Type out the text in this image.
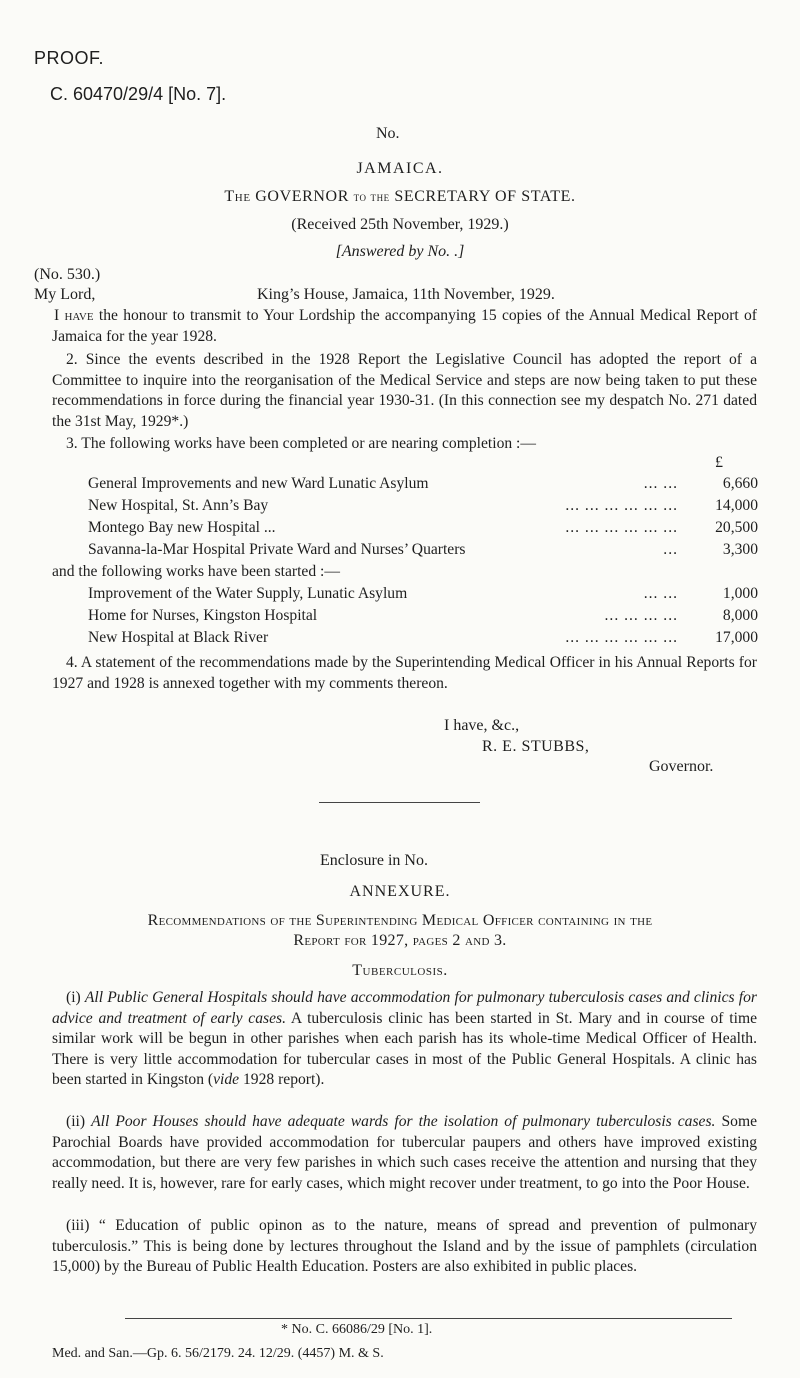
PROOF.
C. 60470/29/4 [No. 7].
No.
JAMAICA.
The GOVERNOR to the SECRETARY OF STATE.
(Received 25th November, 1929.)
[Answered by No. .]
(No. 530.)
My Lord,	King’s House, Jamaica, 11th November, 1929.

I have the honour to transmit to Your Lordship the accompanying 15 copies of the Annual Medical Report of Jamaica for the year 1928.

2. Since the events described in the 1928 Report the Legislative Council has adopted the report of a Committee to inquire into the reorganisation of the Medical Service and steps are now being taken to put these recommendations in force during the financial year 1930-31. (In this connection see my despatch No. 271 dated the 31st May, 1929*.)

3. The following works have been completed or are nearing completion :—

£
General Improvements and new Ward Lunatic Asylum	... ...	6,660
New Hospital, St. Ann’s Bay	... ... ... ... ... ... 14,000
Montego Bay new Hospital ...	... ... ... ... ... ... 20,500
Savanna-la-Mar Hospital Private Ward and Nurses’ Quarters	...	3,300
and the following works have been started :—
Improvement of the Water Supply, Lunatic Asylum	... ...	1,000
Home for Nurses, Kingston Hospital	... ... ... ...	8,000
New Hospital at Black River	... ... ... ... ... ... 17,000

4. A statement of the recommendations made by the Superintending Medical Officer in his Annual Reports for 1927 and 1928 is annexed together with my comments thereon.

I have, &c.,
R. E. STUBBS,
Governor.
Enclosure in No.
ANNEXURE.
Recommendations of the Superintending Medical Officer containing in the
Report for 1927, pages 2 and 3.
Tuberculosis.

(i) All Public General Hospitals should have accommodation for pulmonary tuberculosis cases and clinics for advice and treatment of early cases. A tuberculosis clinic has been started in St. Mary and in course of time similar work will be begun in other parishes when each parish has its whole-time Medical Officer of Health. There is very little accommodation for tubercular cases in most of the Public General Hospitals. A clinic has been started in Kingston (vide 1928 report).

(ii) All Poor Houses should have adequate wards for the isolation of pulmonary tuberculosis cases. Some Parochial Boards have provided accommodation for tubercular paupers and others have improved existing accommodation, but there are very few parishes in which such cases receive the attention and nursing that they really need. It is, however, rare for early cases, which might recover under treatment, to go into the Poor House.

(iii) “ Education of public opinon as to the nature, means of spread and prevention of pulmonary tuberculosis.” This is being done by lectures throughout the Island and by the issue of pamphlets (circulation 15,000) by the Bureau of Public Health Education. Posters are also exhibited in public places.

* No. C. 66086/29 [No. 1].
Med. and San.—Gp. 6. 56/2179. 24. 12/29. (4457) M. & S.
